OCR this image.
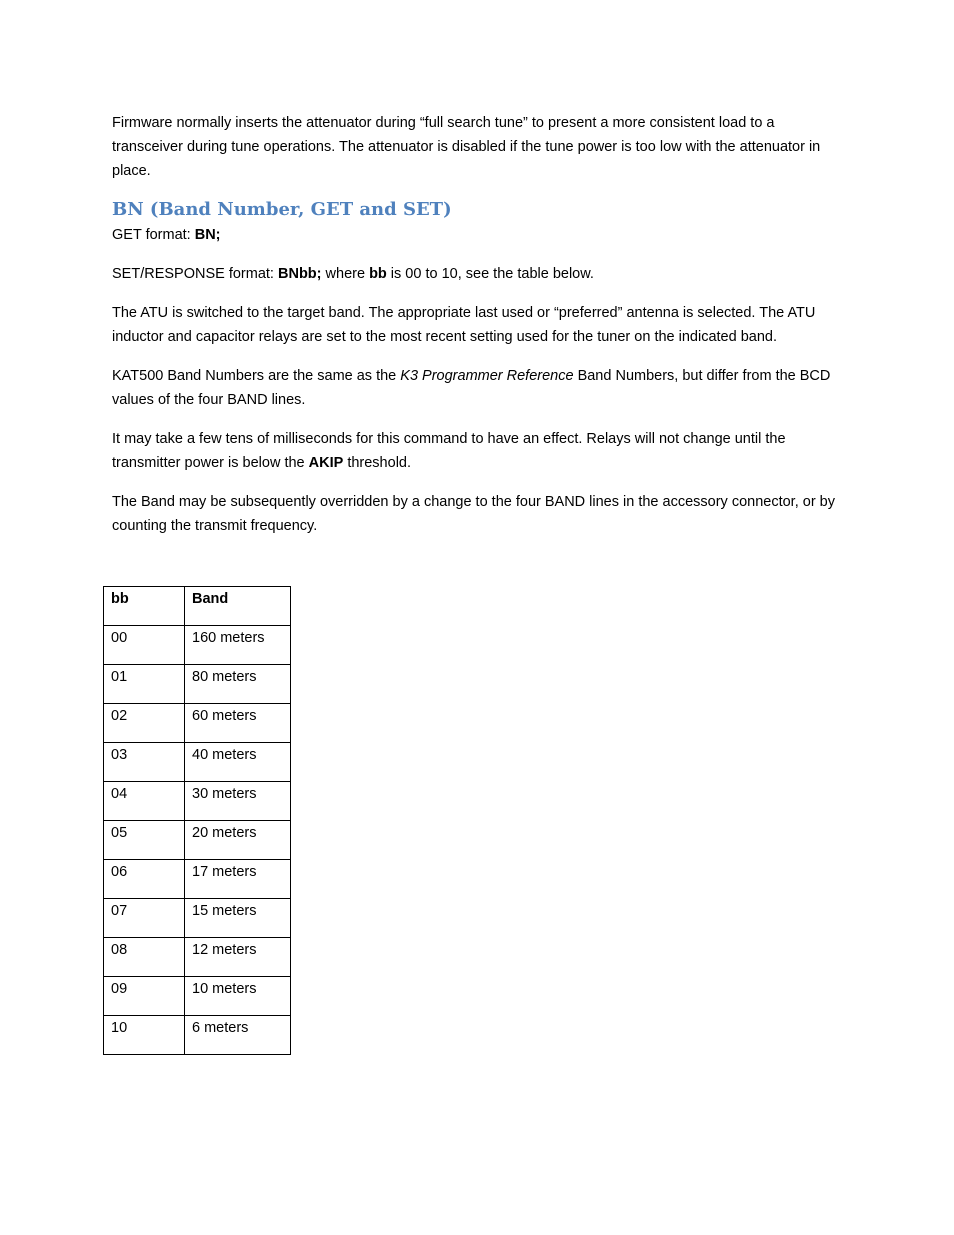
Firmware normally inserts the attenuator during “full search tune” to present a more consistent load to a transceiver during tune operations. The attenuator is disabled if the tune power is too low with the attenuator in place.

BN (Band Number, GET and SET)

GET format: BN;

SET/RESPONSE format: BNbb; where bb is 00 to 10, see the table below.

The ATU is switched to the target band. The appropriate last used or “preferred” antenna is selected. The ATU inductor and capacitor relays are set to the most recent setting used for the tuner on the indicated band.

KAT500 Band Numbers are the same as the K3 Programmer Reference Band Numbers, but differ from the BCD values of the four BAND lines.

It may take a few tens of milliseconds for this command to have an effect. Relays will not change until the transmitter power is below the AKIP threshold.

The Band may be subsequently overridden by a change to the four BAND lines in the accessory connector, or by counting the transmit frequency.

bb	Band
00	160 meters
01	80 meters
02	60 meters
03	40 meters
04	30 meters
05	20 meters
06	17 meters
07	15 meters
08	12 meters
09	10 meters
10	6 meters
